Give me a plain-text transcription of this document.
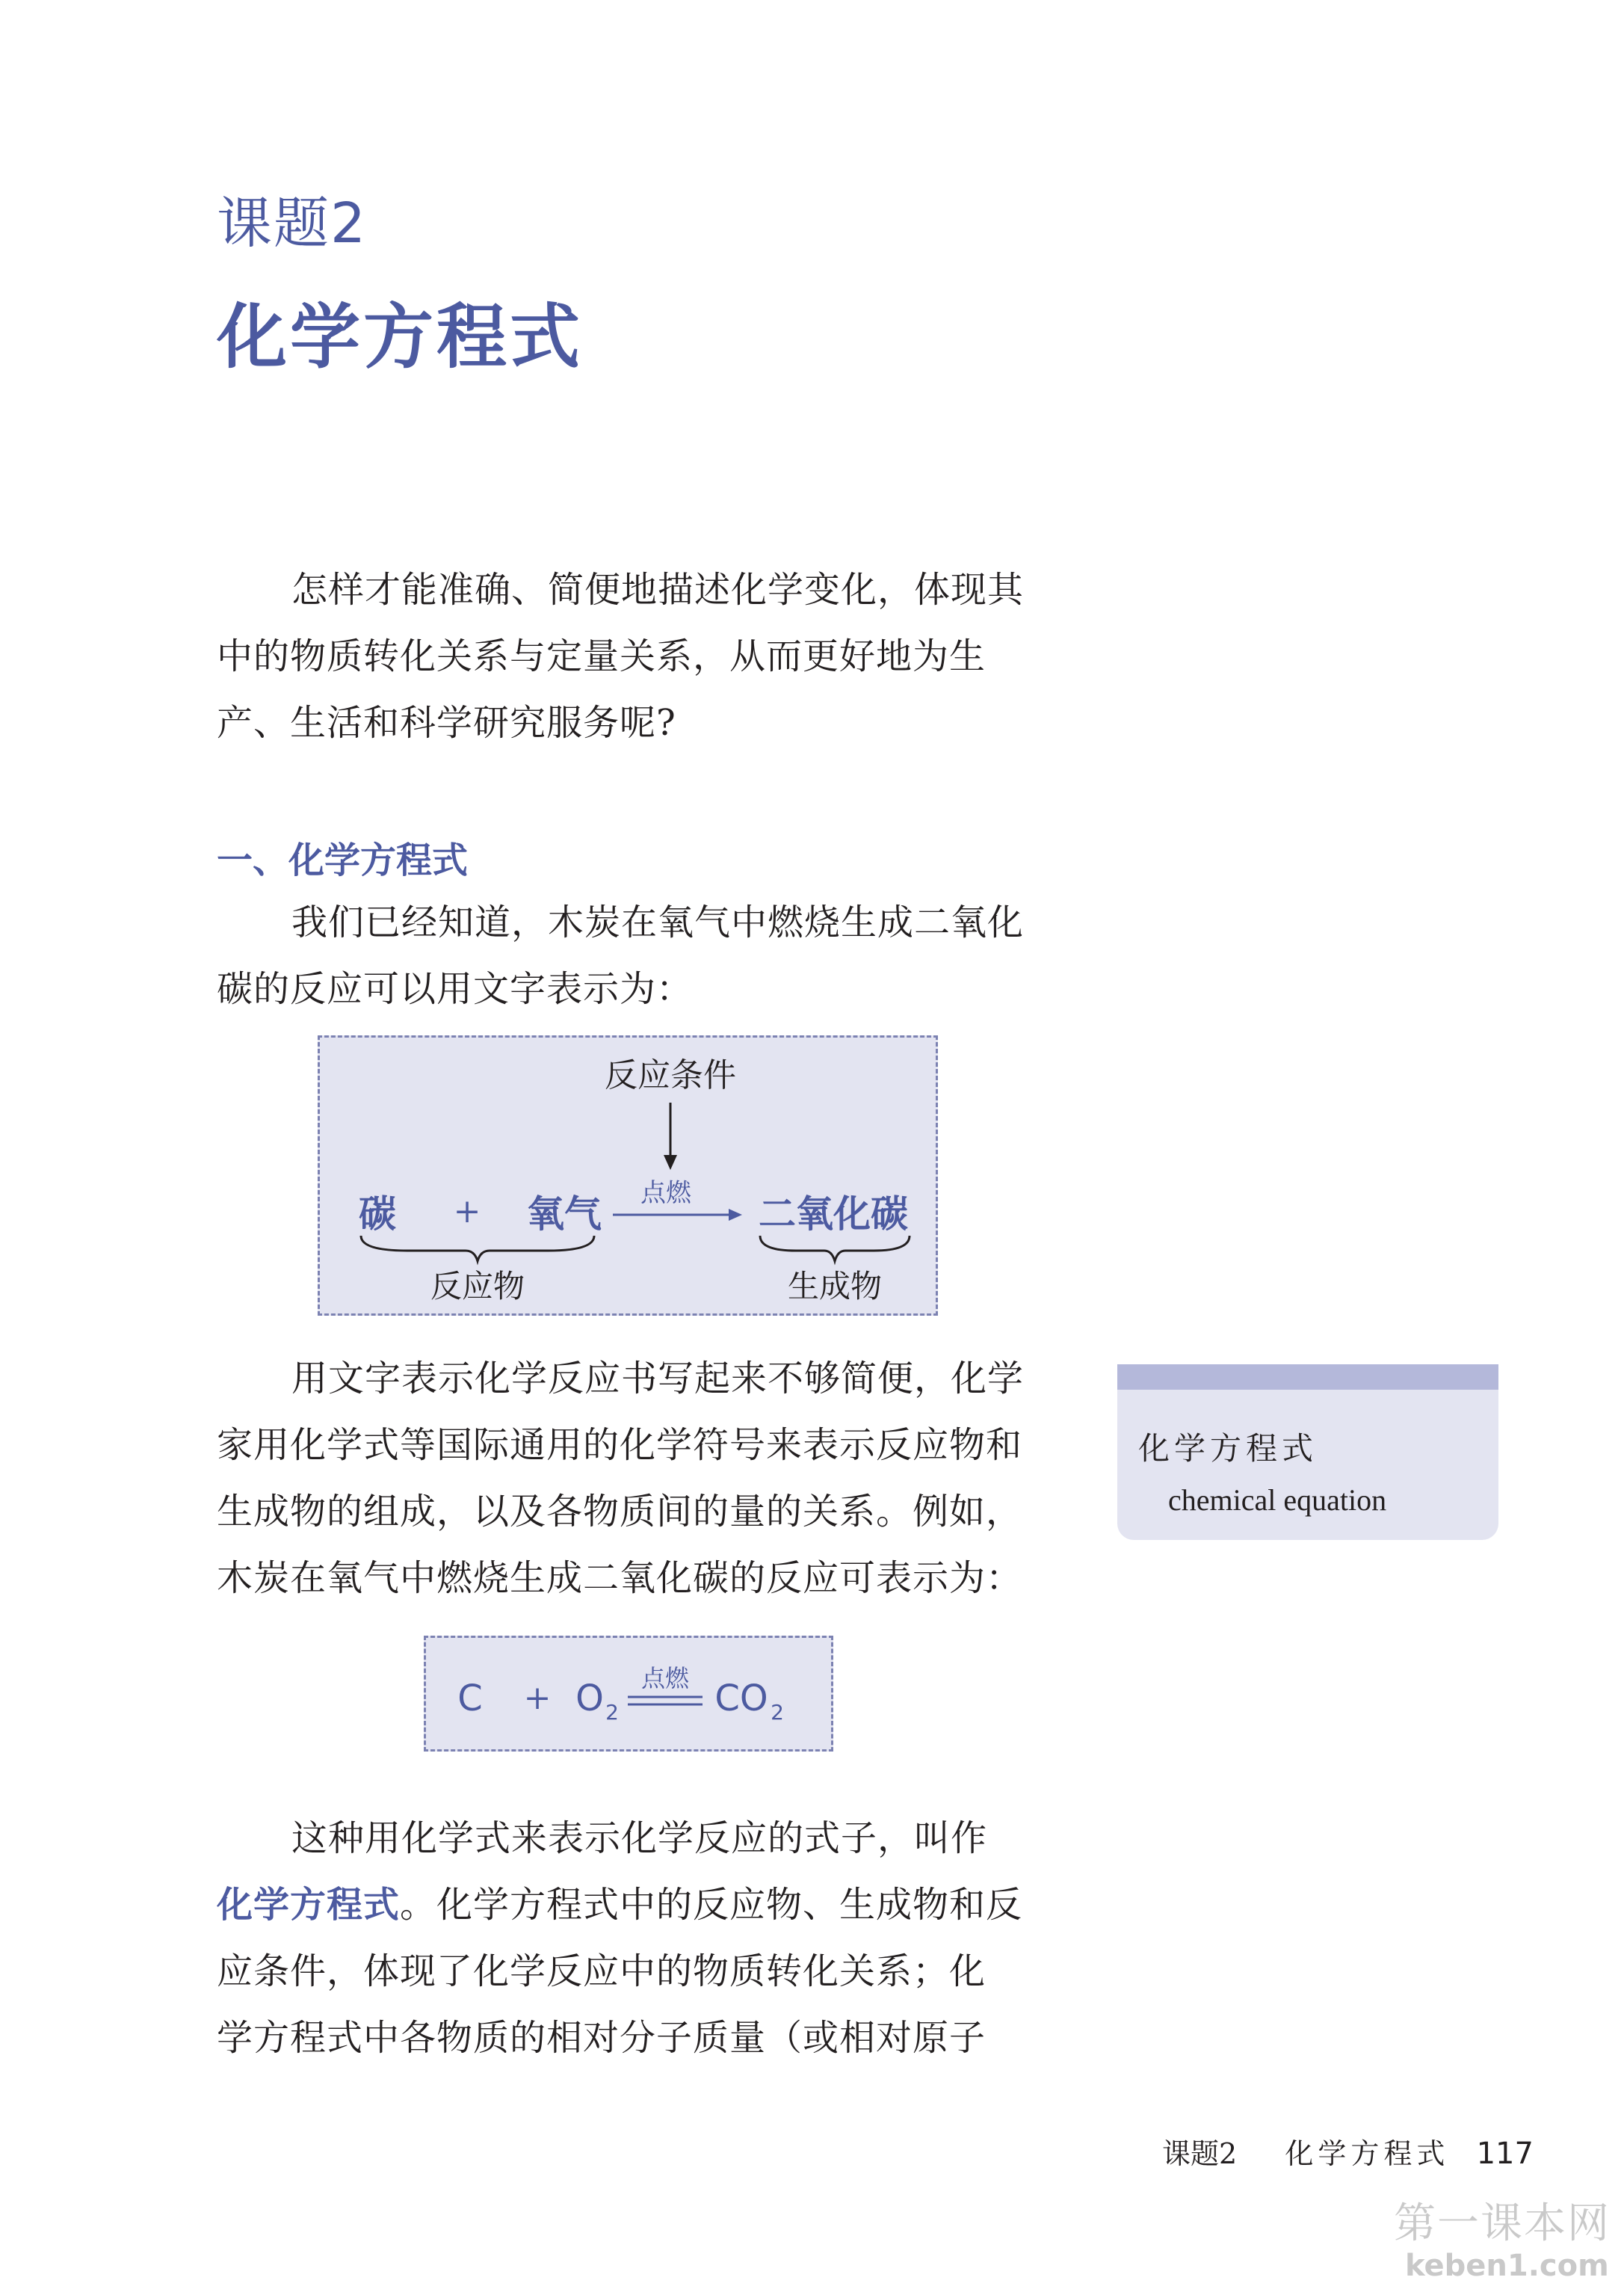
课题2
化学方程式
怎样才能准确、简便地描述化学变化，体现其
中的物质转化关系与定量关系，从而更好地为生
产、生活和科学研究服务呢?
一、化学方程式
我们已经知道，木炭在氧气中燃烧生成二氧化
碳的反应可以用文字表示为：
反应条件
点燃
碳 + 氧气	二氧化碳
反应物	生成物
用文字表示化学反应书写起来不够简便，化学
家用化学式等国际通用的化学符号来表示反应物和
生成物的组成，以及各物质间的量的关系。例如，
木炭在氧气中燃烧生成二氧化碳的反应可表示为：
化学方程式
chemical equation
C + O 2
点燃 CO 2
这种用化学式来表示化学反应的式子，叫作
化学方程式。化学方程式中的反应物、生成物和反
应条件，体现了化学反应中的物质转化关系；化
学方程式中各物质的相对分子质量（或相对原子
课题2 化学方程式 117
第一课本网
keben1.com
